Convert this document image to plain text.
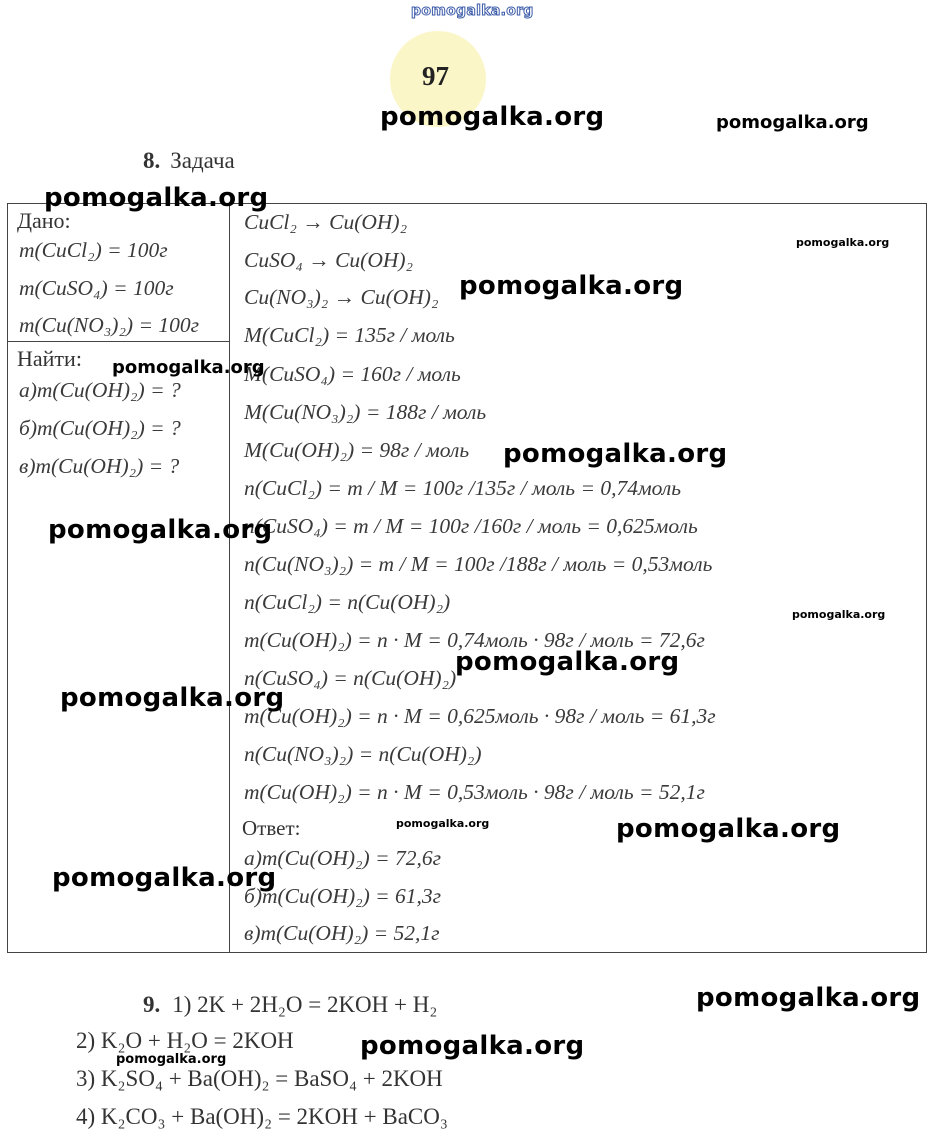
pomogalka.org
97
8. Задача
Дано:
m(CuCl₂) = 100г
m(CuSO₄) = 100г
m(Cu(NO₃)₂) = 100г
Найти:
а)m(Cu(OH)₂) = ?
б)m(Cu(OH)₂) = ?
в)m(Cu(OH)₂) = ?
CuCl₂ → Cu(OH)₂
CuSO₄ → Cu(OH)₂
Cu(NO₃)₂ → Cu(OH)₂
M(CuCl₂) = 135г / моль
M(CuSO₄) = 160г / моль
M(Cu(NO₃)₂) = 188г / моль
M(Cu(OH)₂) = 98г / моль
n(CuCl₂) = m / M = 100г /135г / моль = 0,74моль
n(CuSO₄) = m / M = 100г /160г / моль = 0,625моль
n(Cu(NO₃)₂) = m / M = 100г /188г / моль = 0,53моль
n(CuCl₂) = n(Cu(OH)₂)
m(Cu(OH)₂) = n · M = 0,74моль · 98г / моль = 72,6г
n(CuSO₄) = n(Cu(OH)₂)
m(Cu(OH)₂) = n · M = 0,625моль · 98г / моль = 61,3г
n(Cu(NO₃)₂) = n(Cu(OH)₂)
m(Cu(OH)₂) = n · M = 0,53моль · 98г / моль = 52,1г
Ответ:
а)m(Cu(OH)₂) = 72,6г
б)m(Cu(OH)₂) = 61,3г
в)m(Cu(OH)₂) = 52,1г
9. 1) 2K + 2H₂O = 2KOH + H₂
2) K₂O + H₂O = 2KOH
3) K₂SO₄ + Ba(OH)₂ = BaSO₄ + 2KOH
4) K₂CO₃ + Ba(OH)₂ = 2KOH + BaCO₃
pomogalka.org	pomogalka.org
pomogalka.org
pomogalka.org
pomogalka.org
pomogalka.org
pomogalka.org
pomogalka.org
pomogalka.org
pomogalka.org
pomogalka.org
pomogalka.org	pomogalka.org
pomogalka.org
pomogalka.org
pomogalka.org
pomogalka.org
